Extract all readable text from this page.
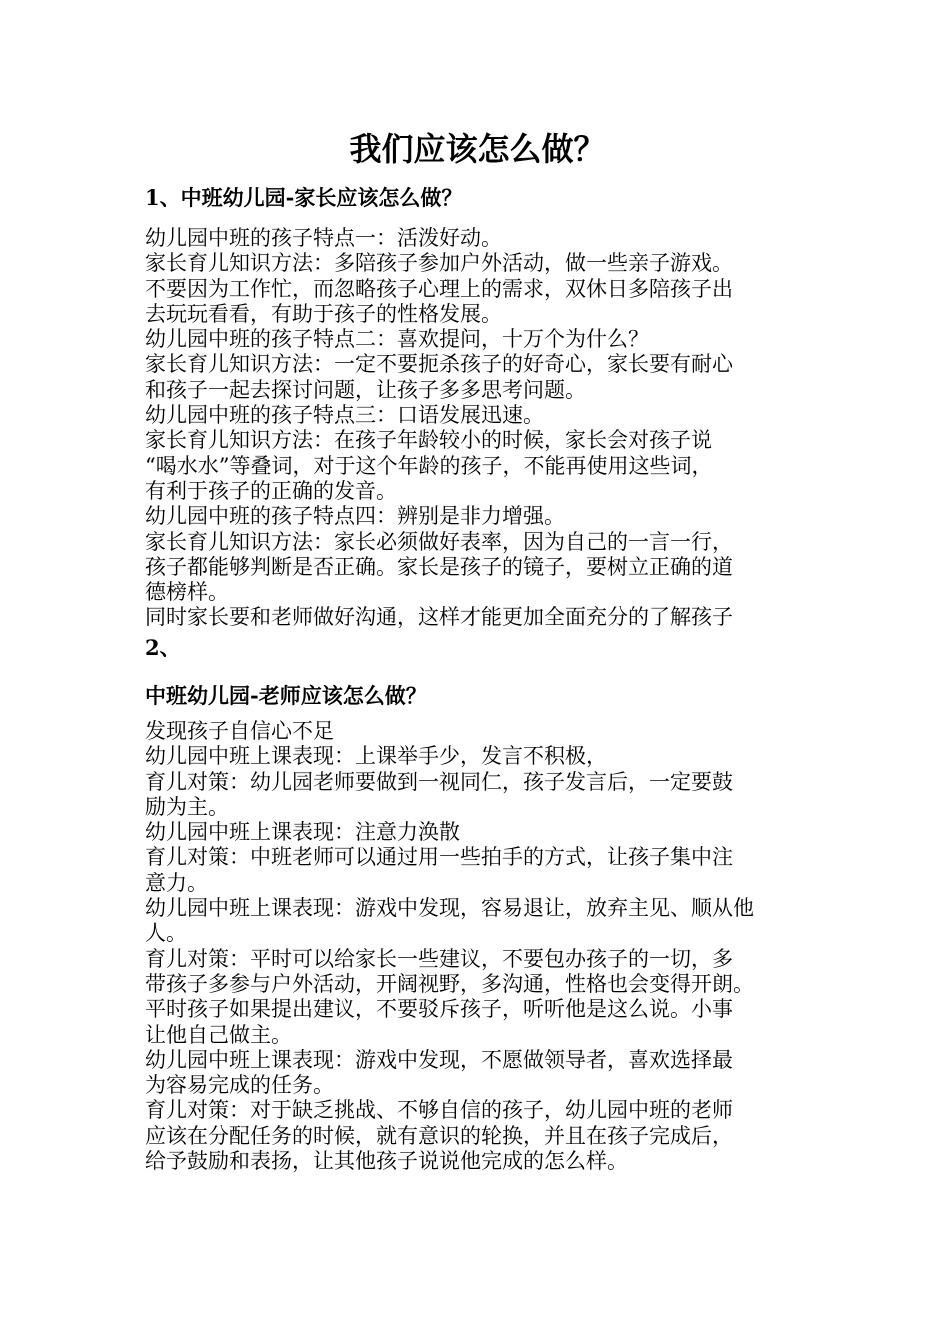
我们应该怎么做？
1、中班幼儿园-家长应该怎么做？
幼儿园中班的孩子特点一：活泼好动。
家长育儿知识方法：多陪孩子参加户外活动，做一些亲子游戏。
不要因为工作忙，而忽略孩子心理上的需求，双休日多陪孩子出
去玩玩看看，有助于孩子的性格发展。
幼儿园中班的孩子特点二：喜欢提问，十万个为什么？
家长育儿知识方法：一定不要扼杀孩子的好奇心，家长要有耐心
和孩子一起去探讨问题，让孩子多多思考问题。
幼儿园中班的孩子特点三：口语发展迅速。
家长育儿知识方法：在孩子年龄较小的时候，家长会对孩子说
“喝水水”等叠词，对于这个年龄的孩子，不能再使用这些词，
有利于孩子的正确的发音。
幼儿园中班的孩子特点四：辨别是非力增强。
家长育儿知识方法：家长必须做好表率，因为自己的一言一行，
孩子都能够判断是否正确。家长是孩子的镜子，要树立正确的道
德榜样。
同时家长要和老师做好沟通，这样才能更加全面充分的了解孩子
2、
中班幼儿园-老师应该怎么做？
发现孩子自信心不足
幼儿园中班上课表现：上课举手少，发言不积极，
育儿对策：幼儿园老师要做到一视同仁，孩子发言后，一定要鼓
励为主。
幼儿园中班上课表现：注意力涣散
育儿对策：中班老师可以通过用一些拍手的方式，让孩子集中注
意力。
幼儿园中班上课表现：游戏中发现，容易退让，放弃主见、顺从他
人。
育儿对策：平时可以给家长一些建议，不要包办孩子的一切，多
带孩子多参与户外活动，开阔视野，多沟通，性格也会变得开朗。
平时孩子如果提出建议，不要驳斥孩子，听听他是这么说。小事
让他自己做主。
幼儿园中班上课表现：游戏中发现，不愿做领导者，喜欢选择最
为容易完成的任务。
育儿对策：对于缺乏挑战、不够自信的孩子，幼儿园中班的老师
应该在分配任务的时候，就有意识的轮换，并且在孩子完成后，
给予鼓励和表扬，让其他孩子说说他完成的怎么样。
